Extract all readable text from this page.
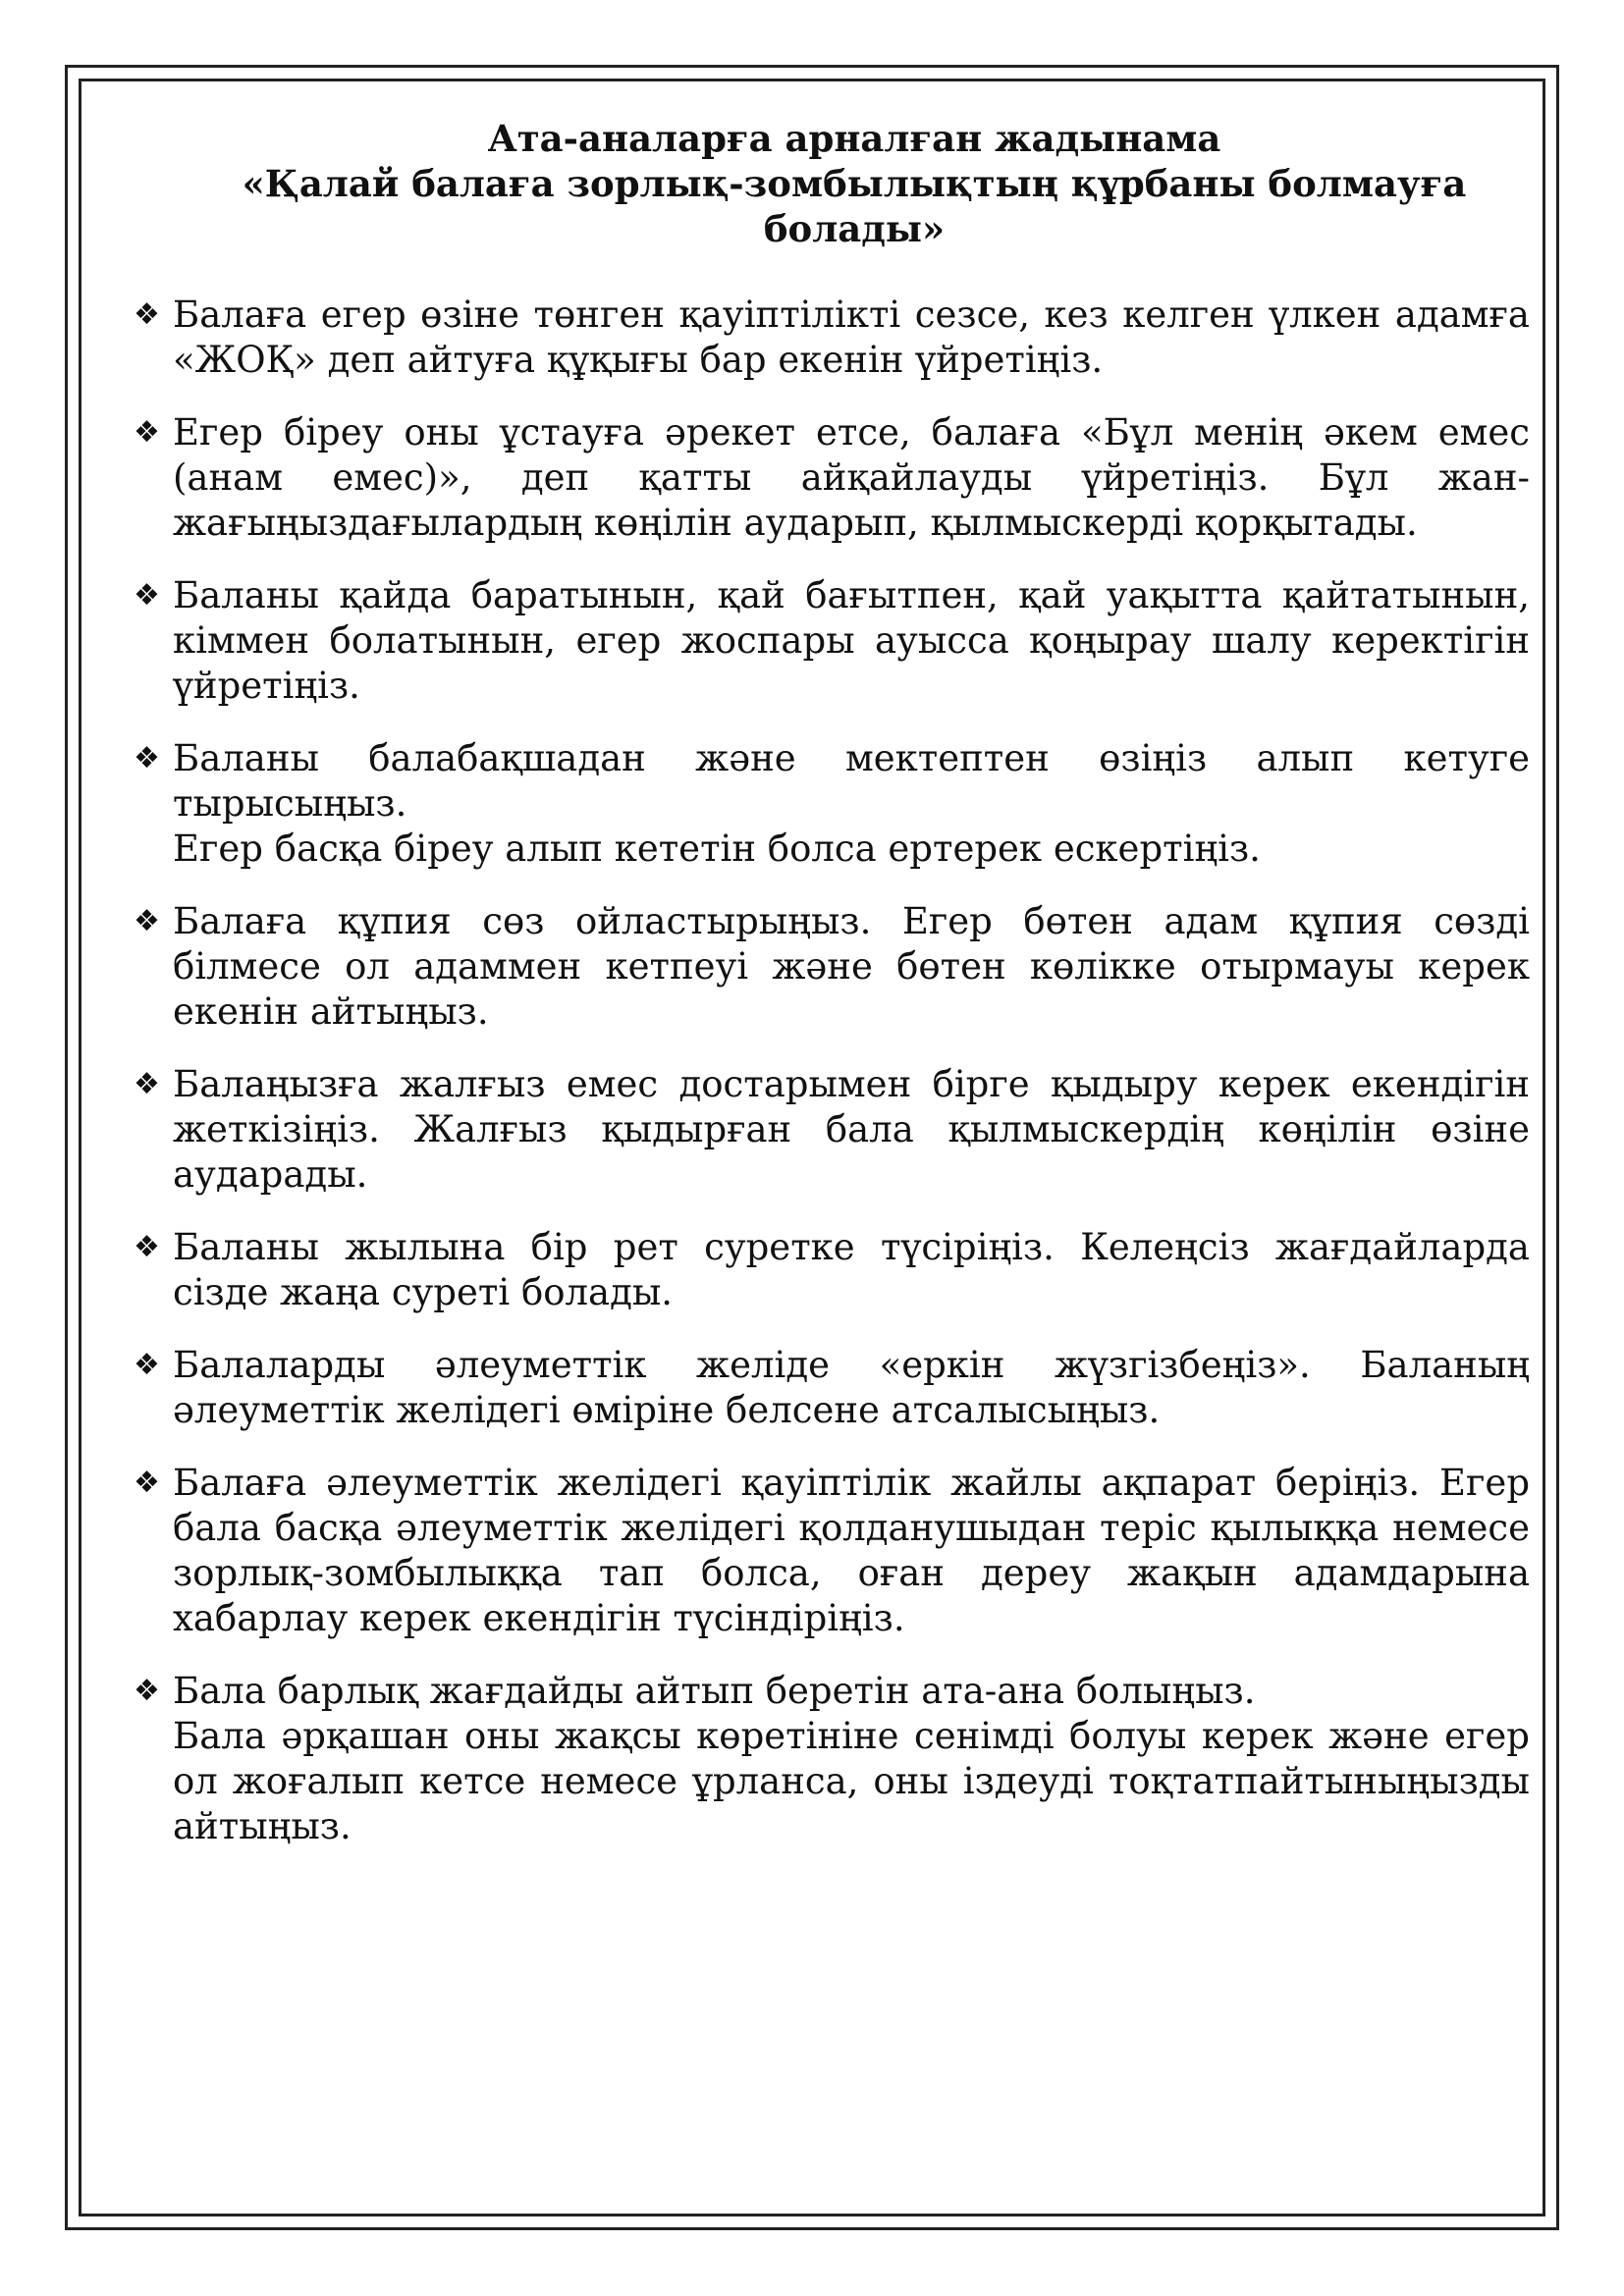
Ата-аналарға арналған жадынама
«Қалай балаға зорлық-зомбылықтың құрбаны болмауға
болады»
❖ Балаға егер өзіне төнген қауіптілікті сезсе, кез келген үлкен адамға «ЖОҚ» деп айтуға құқығы бар екенін үйретіңіз.
❖ Егер біреу оны ұстауға әрекет етсе, балаға «Бұл менің әкем емес (анам емес)», деп қатты айқайлауды үйретіңіз. Бұл жан-жағыңыздағылардың көңілін аударып, қылмыскерді қорқытады.
❖ Баланы қайда баратынын, қай бағытпен, қай уақытта қайтатынын, кіммен болатынын, егер жоспары ауысса қоңырау шалу керектігін үйретіңіз.
❖ Баланы балабақшадан және мектептен өзіңіз алып кетуге тырысыңыз.
Егер басқа біреу алып кететін болса ертерек ескертіңіз.
❖ Балаға құпия сөз ойластырыңыз. Егер бөтен адам құпия сөзді білмесе ол адаммен кетпеуі және бөтен көлікке отырмауы керек екенін айтыңыз.
❖ Балаңызға жалғыз емес достарымен бірге қыдыру керек екендігін жеткізіңіз. Жалғыз қыдырған бала қылмыскердің көңілін өзіне аударады.
❖ Баланы жылына бір рет суретке түсіріңіз. Келеңсіз жағдайларда сізде жаңа суреті болады.
❖ Балаларды әлеуметтік желіде «еркін жүзгізбеңіз». Баланың әлеуметтік желідегі өміріне белсене атсалысыңыз.
❖ Балаға әлеуметтік желідегі қауіптілік жайлы ақпарат беріңіз. Егер бала басқа әлеуметтік желідегі қолданушыдан теріс қылыққа немесе зорлық-зомбылыққа тап болса, оған дереу жақын адамдарына хабарлау керек екендігін түсіндіріңіз.
❖ Бала барлық жағдайды айтып беретін ата-ана болыңыз.
Бала әрқашан оны жақсы көретініне сенімді болуы керек және егер ол жоғалып кетсе немесе ұрланса, оны іздеуді тоқтатпайтыныңызды айтыңыз.
